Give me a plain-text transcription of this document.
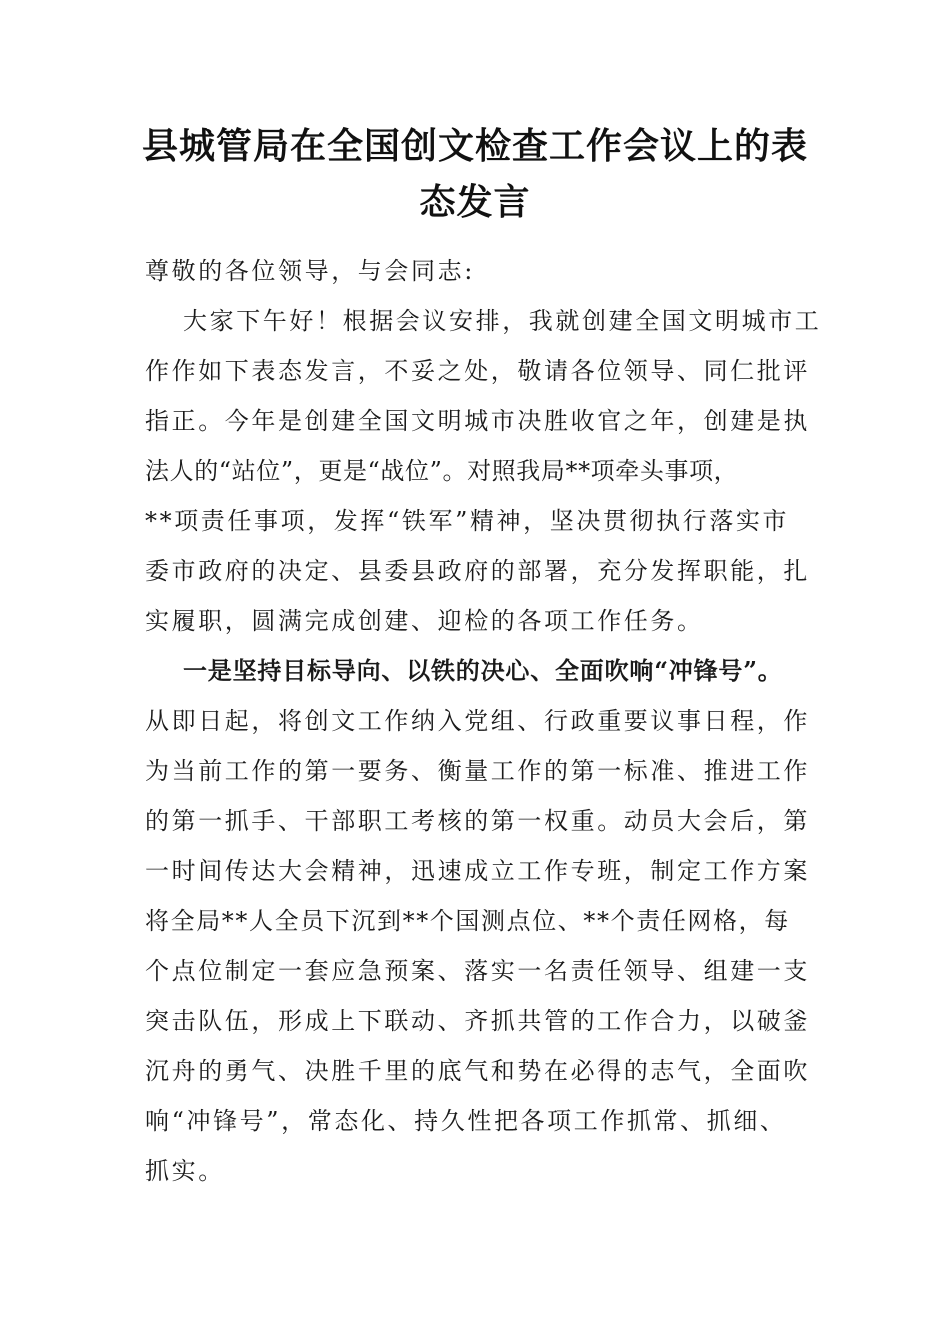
县城管局在全国创文检查工作会议上的表
态发言
尊敬的各位领导，与会同志:
大家下午好！根据会议安排，我就创建全国文明城市工
作作如下表态发言，不妥之处，敬请各位领导、同仁批评
指正。今年是创建全国文明城市决胜收官之年，创建是执
法人的“站位”，更是“战位”。对照我局**项牵头事项，
**项责任事项，发挥“铁军”精神，坚决贯彻执行落实市
委市政府的决定、县委县政府的部署，充分发挥职能，扎
实履职，圆满完成创建、迎检的各项工作任务。
一是坚持目标导向、以铁的决心、全面吹响“冲锋号”。
从即日起，将创文工作纳入党组、行政重要议事日程，作
为当前工作的第一要务、衡量工作的第一标准、推进工作
的第一抓手、干部职工考核的第一权重。动员大会后，第
一时间传达大会精神，迅速成立工作专班，制定工作方案
将全局**人全员下沉到**个国测点位、**个责任网格，每
个点位制定一套应急预案、落实一名责任领导、组建一支
突击队伍，形成上下联动、齐抓共管的工作合力，以破釜
沉舟的勇气、决胜千里的底气和势在必得的志气，全面吹
响“冲锋号”，常态化、持久性把各项工作抓常、抓细、
抓实。
